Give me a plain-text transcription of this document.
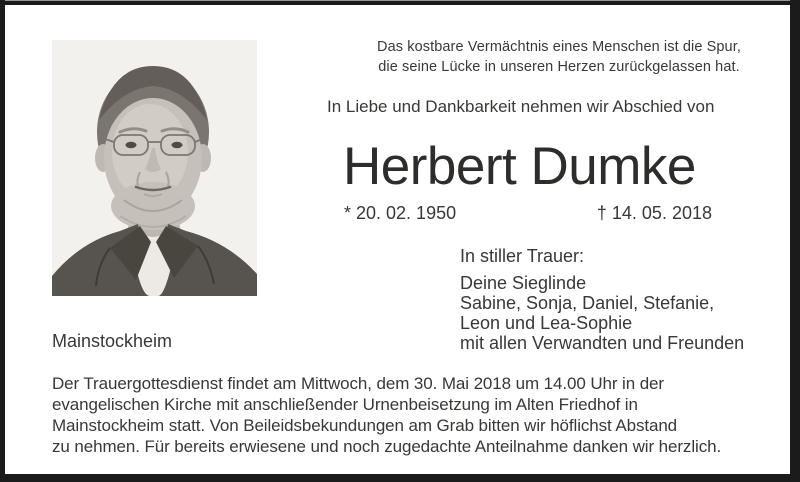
Das kostbare Vermächtnis eines Menschen ist die Spur,
die seine Lücke in unseren Herzen zurückgelassen hat.
In Liebe und Dankbarkeit nehmen wir Abschied von
Herbert Dumke
* 20. 02. 1950	† 14. 05. 2018
In stiller Trauer:
Deine Sieglinde
Sabine, Sonja, Daniel, Stefanie,
Leon und Lea-Sophie
mit allen Verwandten und Freunden
Mainstockheim
Der Trauergottesdienst findet am Mittwoch, dem 30. Mai 2018 um 14.00 Uhr in der
evangelischen Kirche mit anschließender Urnenbeisetzung im Alten Friedhof in
Mainstockheim statt. Von Beileidsbekundungen am Grab bitten wir höflichst Abstand
zu nehmen. Für bereits erwiesene und noch zugedachte Anteilnahme danken wir herzlich.
